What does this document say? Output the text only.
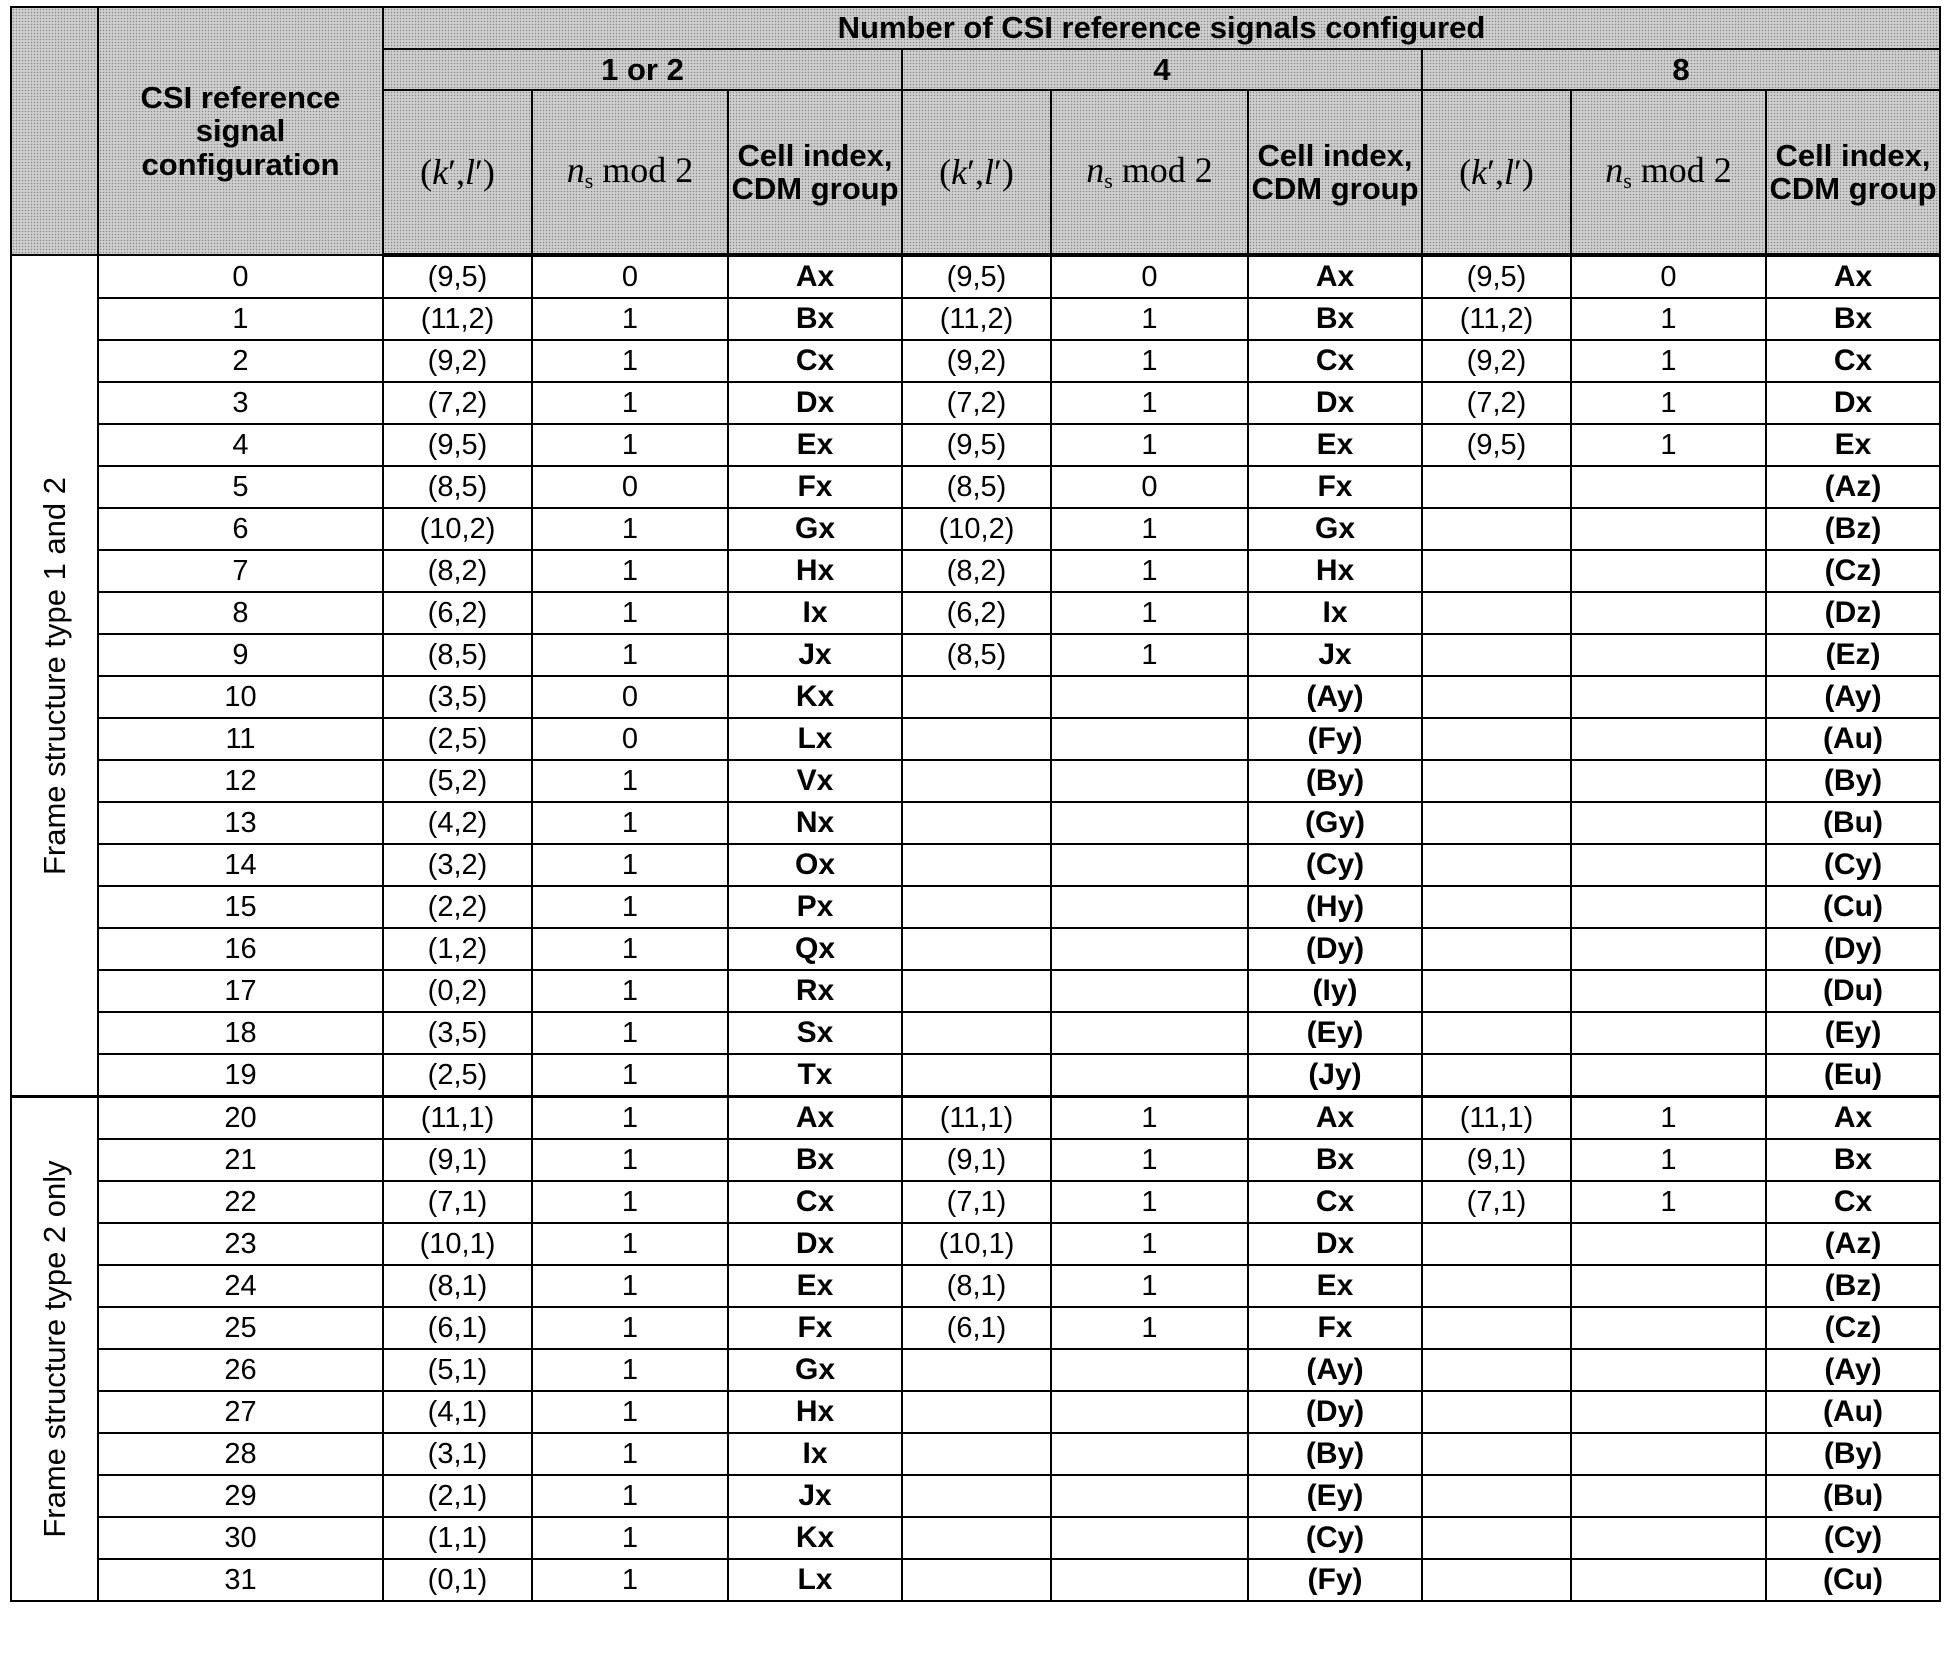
	CSI reference signal configuration	Number of CSI reference signals configured
1 or 2	4	8
(k′,l′)	ns mod 2	Cell index, CDM group	(k′,l′)	ns mod 2	Cell index, CDM group	(k′,l′)	ns mod 2	Cell index, CDM group

Frame structure type 1 and 2
	0	(9,5)	0	Ax	(9,5)	0	Ax	(9,5)	0	Ax
1	(11,2)	1	Bx	(11,2)	1	Bx	(11,2)	1	Bx
2	(9,2)	1	Cx	(9,2)	1	Cx	(9,2)	1	Cx
3	(7,2)	1	Dx	(7,2)	1	Dx	(7,2)	1	Dx
4	(9,5)	1	Ex	(9,5)	1	Ex	(9,5)	1	Ex
5	(8,5)	0	Fx	(8,5)	0	Fx			(Az)
6	(10,2)	1	Gx	(10,2)	1	Gx			(Bz)
7	(8,2)	1	Hx	(8,2)	1	Hx			(Cz)
8	(6,2)	1	Ix	(6,2)	1	Ix			(Dz)
9	(8,5)	1	Jx	(8,5)	1	Jx			(Ez)
10	(3,5)	0	Kx			(Ay)			(Ay)
11	(2,5)	0	Lx			(Fy)			(Au)
12	(5,2)	1	Vx			(By)			(By)
13	(4,2)	1	Nx			(Gy)			(Bu)
14	(3,2)	1	Ox			(Cy)			(Cy)
15	(2,2)	1	Px			(Hy)			(Cu)
16	(1,2)	1	Qx			(Dy)			(Dy)
17	(0,2)	1	Rx			(Iy)			(Du)
18	(3,5)	1	Sx			(Ey)			(Ey)
19	(2,5)	1	Tx			(Jy)			(Eu)

Frame structure type 2 only
	20	(11,1)	1	Ax	(11,1)	1	Ax	(11,1)	1	Ax
21	(9,1)	1	Bx	(9,1)	1	Bx	(9,1)	1	Bx
22	(7,1)	1	Cx	(7,1)	1	Cx	(7,1)	1	Cx
23	(10,1)	1	Dx	(10,1)	1	Dx			(Az)
24	(8,1)	1	Ex	(8,1)	1	Ex			(Bz)
25	(6,1)	1	Fx	(6,1)	1	Fx			(Cz)
26	(5,1)	1	Gx			(Ay)			(Ay)
27	(4,1)	1	Hx			(Dy)			(Au)
28	(3,1)	1	Ix			(By)			(By)
29	(2,1)	1	Jx			(Ey)			(Bu)
30	(1,1)	1	Kx			(Cy)			(Cy)
31	(0,1)	1	Lx			(Fy)			(Cu)
